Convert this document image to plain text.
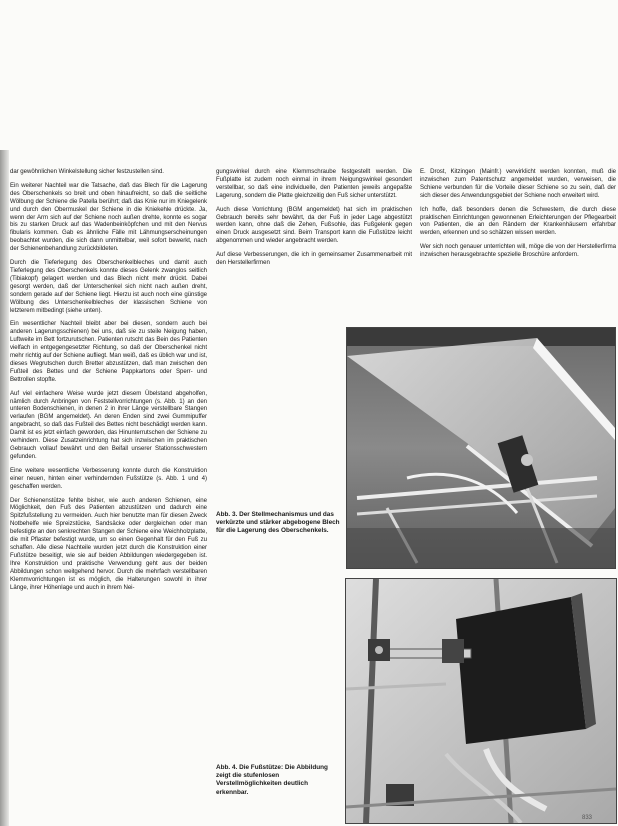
dar gewöhnlichen Winkelstellung sicher festzustellen sind.

Ein weiterer Nachteil war die Tatsache, daß das Blech für die Lagerung des Oberschenkels so breit und oben hinaufreicht, so daß die seitliche Wölbung der Schiene die Patella berührt; daß das Knie nur im Kniegelenk und durch den Obermuskel der Schiene in die Kniekehle drückte. Ja, wenn der Arm sich auf der Schiene noch außen drehte, konnte es sogar bis zu starken Druck auf das Wadenbeinköpfchen und mit den Nervus fibularis kommen. Gab es ähnliche Fälle mit Lähmungserscheinungen beobachtet wurden, die sich dann unmittelbar, weil sofort bewerkt, nach der Schienenbehandlung zurückbildeten.

Durch die Tieferlegung des Oberschenkelbleches und damit auch Tieferlegung des Oberschenkels konnte dieses Gelenk zwanglos seitlich (Tibiakopf) gelagert werden und das Blech nicht mehr drückt. Dabei gesorgt werden, daß der Unterschenkel sich nicht nach außen dreht, sondern gerade auf der Schiene liegt. Hierzu ist auch noch eine günstige Wölbung des Unterschenkelbleches der klassischen Schiene von letzterem mitbedingt (siehe unten).

Ein wesentlicher Nachteil bleibt aber bei diesen, sondern auch bei anderen Lagerungsschienen) bei uns, daß sie zu steile Neigung haben, Luftweite im Bett fortzurutschen. Patienten rutscht das Bein des Patienten vielfach in entgegengesetzter Richtung, so daß der Oberschenkel nicht mehr richtig auf der Schiene aufliegt. Man weiß, daß es üblich war und ist, dieses Wegrutschen durch Bretter abzustützen, daß man zwischen den Fußteil des Bettes und der Schiene Pappkartons oder Sperr- und Bettrollen stopfte.

Auf viel einfachere Weise wurde jetzt diesem Übelstand abgeholfen, nämlich durch Anbringen von Feststellvorrichtungen (s. Abb. 1) an den unteren Bodenschienen, in denen 2 in ihrer Länge verstellbare Stangen verlaufen (BGM angemeldet). An deren Enden sind zwei Gummipuffer angebracht, so daß das Fußteil des Bettes nicht beschädigt werden kann. Damit ist es jetzt einfach geworden, das Hinunterrutschen der Schiene zu verhindern. Diese Zusatzeinrichtung hat sich inzwischen im praktischen Gebrauch vollauf bewährt und den Beifall unserer Stationsschwestern gefunden.

Eine weitere wesentliche Verbesserung konnte durch die Konstruktion einer neuen, hinten einer verhindernden Fußstütze (s. Abb. 1 und 4) geschaffen werden.

Der Schienenstütze fehlte bisher, wie auch anderen Schienen, eine Möglichkeit, den Fuß des Patienten abzustützen und dadurch eine Spitzfußstellung zu vermeiden. Auch hier benutzte man für diesen Zweck Notbehelfe wie Spreizstücke, Sandsäcke oder dergleichen oder man befestigte an den senkrechten Stangen der Schiene eine Weichholzplatte, die mit Pflaster befestigt wurde, um so einen Gegenhalt für den Fuß zu schaffen. Alle diese Nachteile wurden jetzt durch die Konstruktion einer Fußstütze beseitigt, wie sie auf beiden Abbildungen wiedergegeben ist. Ihre Konstruktion und praktische Verwendung geht aus der beiden Abbildungen schon weitgehend hervor. Durch die mehrfach verstellbaren Klemmvorrichtungen ist es möglich, die Halterungen sowohl in ihrer Länge, ihrer Höhenlage und auch in ihrem Nei-

gungswinkel durch eine Klemmschraube festgestellt werden. Die Fußplatte ist zudem noch einmal in ihrem Neigungswinkel gesondert verstellbar, so daß eine individuelle, den Patienten jeweils angepaßte Lagerung, sondern die Platte gleichzeitig den Fuß sicher unterstützt.

Auch diese Vorrichtung (BGM angemeldet) hat sich im praktischen Gebrauch bereits sehr bewährt, da der Fuß in jeder Lage abgestützt werden kann, ohne daß die Zehen, Fußsohle, das Fußgelenk gegen einen Druck ausgesetzt sind. Beim Transport kann die Fußstütze leicht abgenommen und wieder angebracht werden.

Auf diese Verbesserungen, die ich in gemeinsamer Zusammenarbeit mit den Herstellerfirmen

E. Drost, Kitzingen (Mainfr.) verwirklicht werden konnten, muß die inzwischen zum Patentschutz angemeldet wurden, verweisen, die Schiene verbunden für die Vorteile dieser Schiene so zu sein, daß der sich dieser des Anwendungsgebiet der Schiene noch erweitert wird.

Ich hoffe, daß besonders denen die Schwestern, die durch diese praktischen Einrichtungen gewonnenen Erleichterungen der Pflegearbeit von Patienten, die an den Rändern der Krankenhäusern erfahrbar werden, erkennen und so schätzen wissen werden.

Wer sich noch genauer unterrichten will, möge die von der Herstellerfirma inzwischen herausgebrachte spezielle Broschüre anfordern.

Abb. 3. Der Stellmechanismus und das verkürzte und stärker abgebogene Blech für die Lagerung des Oberschenkels.
Abb. 4. Die Fußstütze: Die Abbildung zeigt die stufenlosen Verstellmöglichkeiten deutlich erkennbar.
833
